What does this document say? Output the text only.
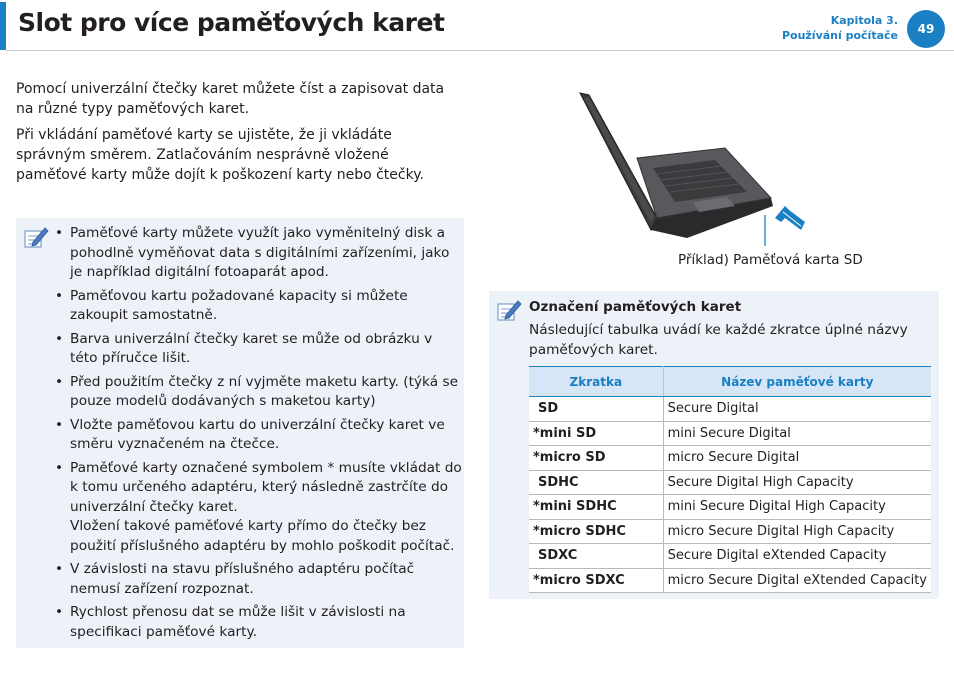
Slot pro více paměťových karet	Kapitola 3.
Používání počítače	49

Pomocí univerzální čtečky karet můžete číst a zapisovat data na různé typy paměťových karet.

Při vkládání paměťové karty se ujistěte, že ji vkládáte správným směrem. Zatlačováním nesprávně vložené paměťové karty může dojít k poškození karty nebo čtečky.

• Paměťové karty můžete využít jako vyměnitelný disk a pohodlně vyměňovat data s digitálními zařízeními, jako je například digitální fotoaparát apod.
• Paměťovou kartu požadované kapacity si můžete zakoupit samostatně.
• Barva univerzální čtečky karet se může od obrázku v této příručce lišit.
• Před použitím čtečky z ní vyjměte maketu karty. (týká se pouze modelů dodávaných s maketou karty)
• Vložte paměťovou kartu do univerzální čtečky karet ve směru vyznačeném na čtečce.
• Paměťové karty označené symbolem * musíte vkládat do k tomu určeného adaptéru, který následně zastrčíte do univerzální čtečky karet.
Vložení takové paměťové karty přímo do čtečky bez použití příslušného adaptéru by mohlo poškodit počítač.
• V závislosti na stavu příslušného adaptéru počítač nemusí zařízení rozpoznat.
• Rychlost přenosu dat se může lišit v závislosti na specifikaci paměťové karty.
Příklad) Paměťová karta SD
Označení paměťových karet
Následující tabulka uvádí ke každé zkratce úplné názvy paměťových karet.
Zkratka	Název paměťové karty
SD	Secure Digital
*mini SD	mini Secure Digital
*micro SD	micro Secure Digital
SDHC	Secure Digital High Capacity
*mini SDHC	mini Secure Digital High Capacity
*micro SDHC	micro Secure Digital High Capacity
SDXC	Secure Digital eXtended Capacity
*micro SDXC	micro Secure Digital eXtended Capacity
